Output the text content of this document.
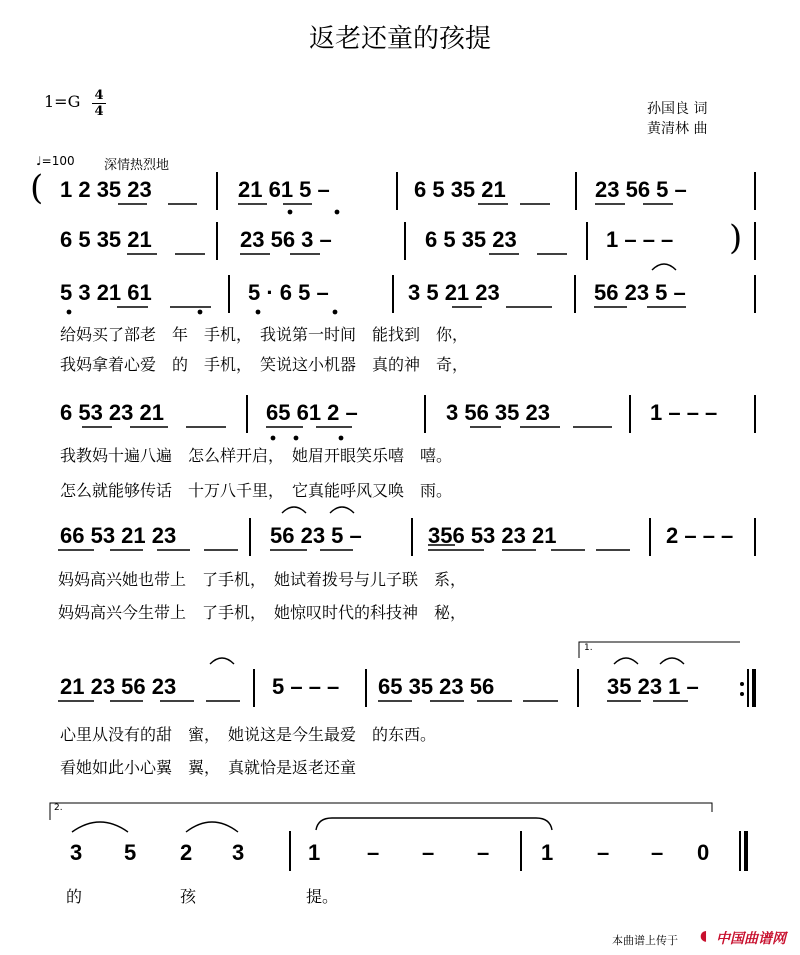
返老还童的孩提
$1=G \frac{4}{4}$	孙国良 词
黄清林 曲
♩=100 深情热烈地
(
)
1 2 35 23	21 61 5 –	6 5 35 21	23 56 5 –
6 5 35 21	23 56 3 –	6 5 35 23	1 – – –
5 3 21 61	5 · 6 5 –	3 5 21 23	56 23 5 –
给妈买了部老　年　手机，　我说第一时间　能找到　你，
我妈拿着心爱　的　手机，　笑说这小机器　真的神　奇，
6 53 23 21	65 61 2 –	3 56 35 23	1 – – –
我教妈十遍八遍　怎么样开启，　她眉开眼笑乐嘻　嘻。
怎么就能够传话　十万八千里，　它真能呼风又唤　雨。
66 53 21 23	56 23 5 –	356 53 23 21	2 – – –
妈妈高兴她也带上　了手机，　她试着拨号与儿子联　系，
妈妈高兴今生带上　了手机，　她惊叹时代的科技神　秘，
1.
21 23 56 23	5 – – – 65 35 23 56	35 23 1 –
心里从没有的甜　蜜，　她说这是今生最爱　的东西。
看她如此小心翼　翼，　真就恰是返老还童
2.
3 5 2 3	1 – – – 1 – – 0
的	孩	提。
本曲谱上传于 ◖ 中国曲谱网
